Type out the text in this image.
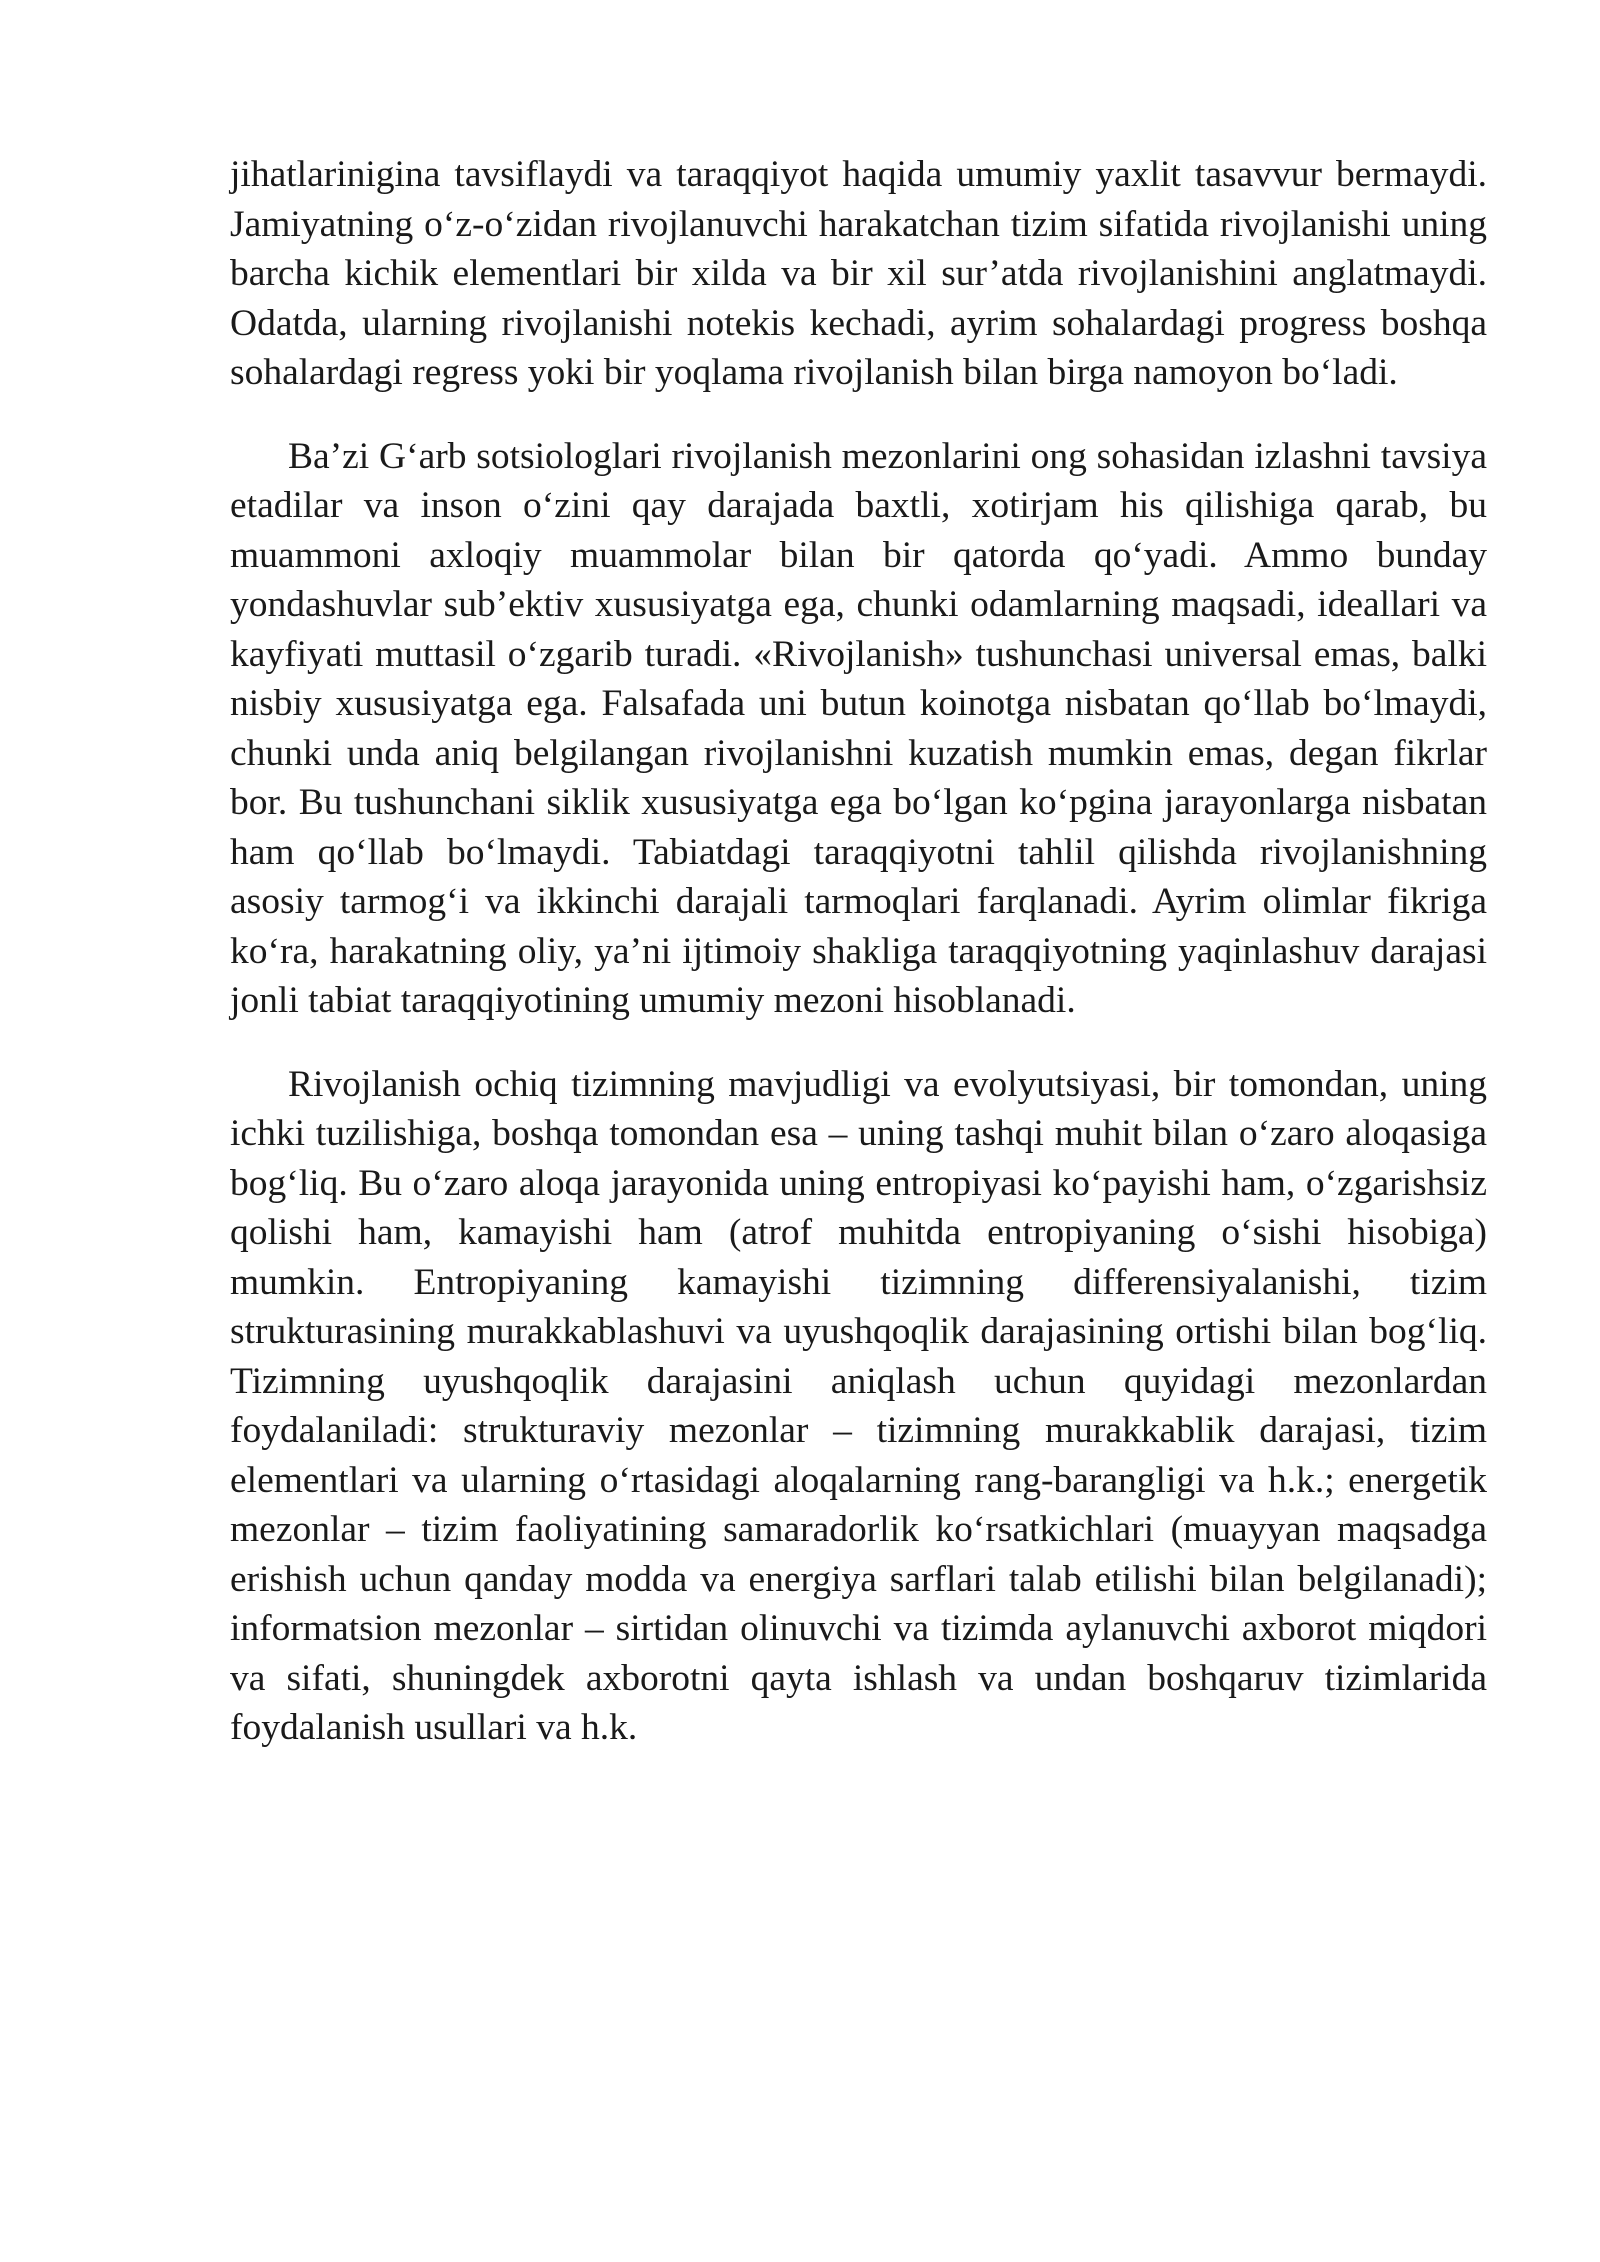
jihatlarinigina tavsiflaydi va taraqqiyot haqida umumiy yaxlit tasavvur bermaydi. Jamiyatning o‘z-o‘zidan rivojlanuvchi harakatchan tizim sifatida rivojlanishi uning barcha kichik elementlari bir xilda va bir xil sur’atda rivojlanishini anglatmaydi. Odatda, ularning rivojlanishi notekis kechadi, ayrim sohalardagi progress boshqa sohalardagi regress yoki bir yoqlama rivojlanish bilan birga namoyon bo‘ladi.

Ba’zi G‘arb sotsiologlari rivojlanish mezonlarini ong sohasidan izlashni tavsiya etadilar va inson o‘zini qay darajada baxtli, xotirjam his qilishiga qarab, bu muammoni axloqiy muammolar bilan bir qatorda qo‘yadi. Ammo bunday yondashuvlar sub’ektiv xususiyatga ega, chunki odamlarning maqsadi, ideallari va kayfiyati muttasil o‘zgarib turadi. «Rivojlanish» tushunchasi universal emas, balki nisbiy xususiyatga ega. Falsafada uni butun koinotga nisbatan qo‘llab bo‘lmaydi, chunki unda aniq belgilangan rivojlanishni kuzatish mumkin emas, degan fikrlar bor. Bu tushunchani siklik xususiyatga ega bo‘lgan ko‘pgina jarayonlarga nisbatan ham qo‘llab bo‘lmaydi. Tabiatdagi taraqqiyotni tahlil qilishda rivojlanishning asosiy tarmog‘i va ikkinchi darajali tarmoqlari farqlanadi. Ayrim olimlar fikriga ko‘ra, harakatning oliy, ya’ni ijtimoiy shakliga taraqqiyotning yaqinlashuv darajasi jonli tabiat taraqqiyotining umumiy mezoni hisoblanadi.

Rivojlanish ochiq tizimning mavjudligi va evolyutsiyasi, bir tomondan, uning ichki tuzilishiga, boshqa tomondan esa – uning tashqi muhit bilan o‘zaro aloqasiga bog‘liq. Bu o‘zaro aloqa jarayonida uning entropiyasi ko‘payishi ham, o‘zgarishsiz qolishi ham, kamayishi ham (atrof muhitda entropiyaning o‘sishi hisobiga) mumkin. Entropiyaning kamayishi tizimning differensiyalanishi, tizim strukturasining murakkablashuvi va uyushqoqlik darajasining ortishi bilan bog‘liq. Tizimning uyushqoqlik darajasini aniqlash uchun quyidagi mezonlardan foydalaniladi: strukturaviy mezonlar – tizimning murakkablik darajasi, tizim elementlari va ularning o‘rtasidagi aloqalarning rang-barangligi va h.k.; energetik mezonlar – tizim faoliyatining samaradorlik ko‘rsatkichlari (muayyan maqsadga erishish uchun qanday modda va energiya sarflari talab etilishi bilan belgilanadi); informatsion mezonlar – sirtidan olinuvchi va tizimda aylanuvchi axborot miqdori va sifati, shuningdek axborotni qayta ishlash va undan boshqaruv tizimlarida foydalanish usullari va h.k.
